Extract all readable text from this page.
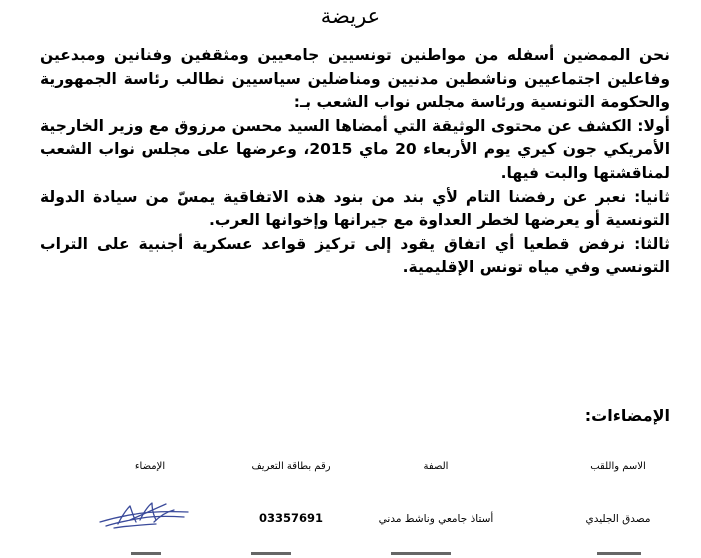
عريضة

نحن الممضين أسفله من مواطنين تونسيين جامعيين ومثقفين وفنانين ومبدعين وفاعلين اجتماعيين وناشطين مدنيين ومناضلين سياسيين نطالب رئاسة الجمهورية والحكومة التونسية ورئاسة مجلس نواب الشعب بـ:

أولا: الكشف عن محتوى الوثيقة التي أمضاها السيد محسن مرزوق مع وزير الخارجية الأمريكي جون كيري يوم الأربعاء 20 ماي 2015، وعرضها على مجلس نواب الشعب لمناقشتها والبت فيها.

ثانيا: نعبر عن رفضنا التام لأي بند من بنود هذه الاتفاقية يمسّ من سيادة الدولة التونسية أو يعرضها لخطر العداوة مع جيرانها وإخوانها العرب.

ثالثا: نرفض قطعيا أي اتفاق يقود إلى تركيز قواعد عسكرية أجنبية على التراب التونسي وفي مياه تونس الإقليمية.

الإمضاءات:
الاسم واللقب
الصفة
رقم بطاقة التعريف
الإمضاء
مصدق الجليدي
أستاذ جامعي وناشط مدني
03357691
